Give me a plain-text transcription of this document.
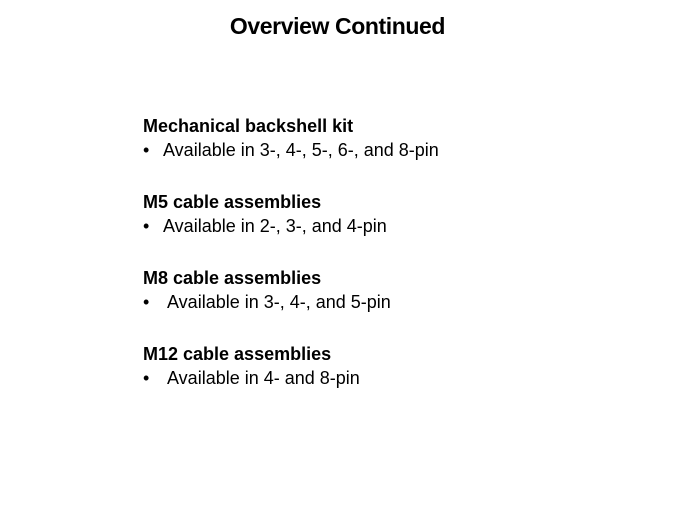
Overview Continued
Mechanical backshell kit
• Available in 3-, 4-, 5-, 6-, and 8-pin
M5 cable assemblies
• Available in 2-, 3-, and 4-pin
M8 cable assemblies
• Available in 3-, 4-, and 5-pin
M12 cable assemblies
• Available in 4- and 8-pin
